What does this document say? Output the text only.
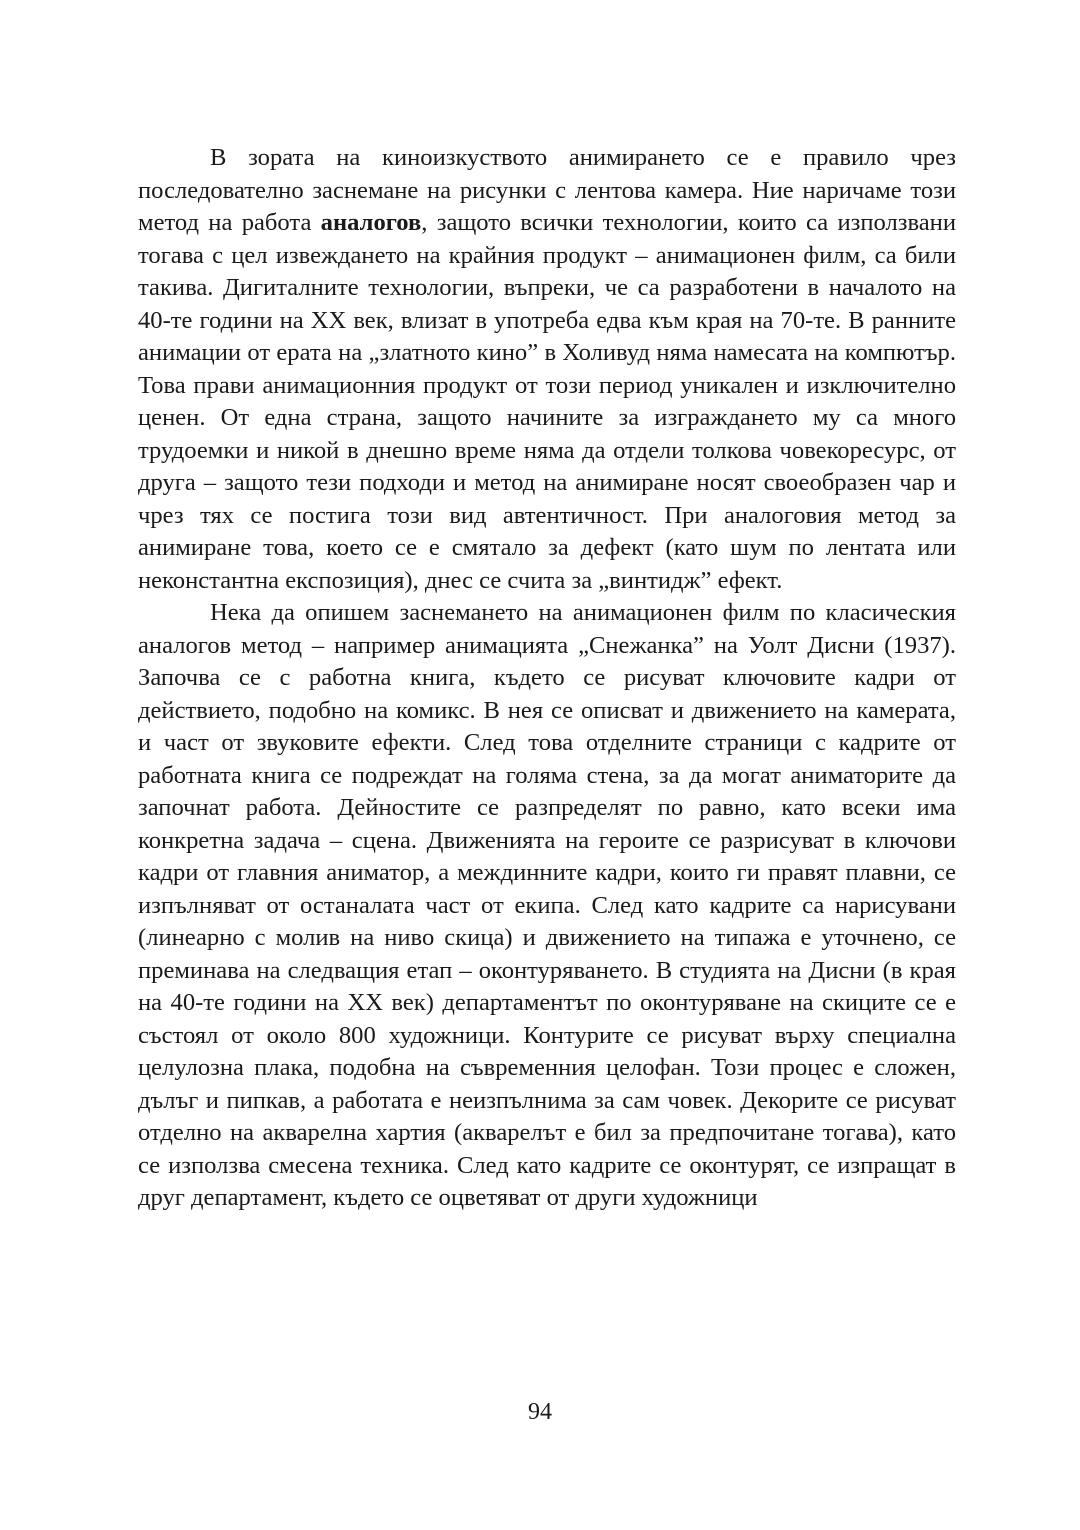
В зората на киноизкуството анимирането се е правило чрез последователно заснемане на рисунки с лентова камера. Ние наричаме този метод на работа аналогов, защото всички технологии, които са използвани тогава с цел извеждането на крайния продукт – анимационен филм, са били такива. Дигиталните технологии, въпреки, че са разработени в началото на 40-те години на XX век, влизат в употреба едва към края на 70-те. В ранните анимации от ерата на „златното кино” в Холивуд няма намесата на компютър. Това прави анимационния продукт от този период уникален и изключително ценен. От една страна, защото начините за изграждането му са много трудоемки и никой в днешно време няма да отдели толкова човекоресурс, от друга – защото тези подходи и метод на анимиране носят своеобразен чар и чрез тях се постига този вид автентичност. При аналоговия метод за анимиране това, което се е смятало за дефект (като шум по лентата или неконстантна експозиция), днес се счита за „винтидж” ефект.

Нека да опишем заснемането на анимационен филм по класическия аналогов метод – например анимацията „Снежанка” на Уолт Дисни (1937). Започва се с работна книга, където се рисуват ключовите кадри от действието, подобно на комикс. В нея се описват и движението на камерата, и част от звуковите ефекти. След това отделните страници с кадрите от работната книга се подреждат на голяма стена, за да могат аниматорите да започнат работа. Дейностите се разпределят по равно, като всеки има конкретна задача – сцена. Движенията на героите се разрисуват в ключови кадри от главния аниматор, а междинните кадри, които ги правят плавни, се изпълняват от останалата част от екипа. След като кадрите са нарисувани (линеарно с молив на ниво скица) и движението на типажа е уточнено, се преминава на следващия етап – оконтуряването. В студията на Дисни (в края на 40-те години на XX век) департаментът по оконтуряване на скиците се е състоял от около 800 художници. Контурите се рисуват върху специална целулозна плака, подобна на съвременния целофан. Този процес е сложен, дълъг и пипкав, а работата е неизпълнима за сам човек. Декорите се рисуват отделно на акварелна хартия (акварелът е бил за предпочитане тогава), като се използва смесена техника. След като кадрите се оконтурят, се изпращат в друг департамент, където се оцветяват от други художници

94
